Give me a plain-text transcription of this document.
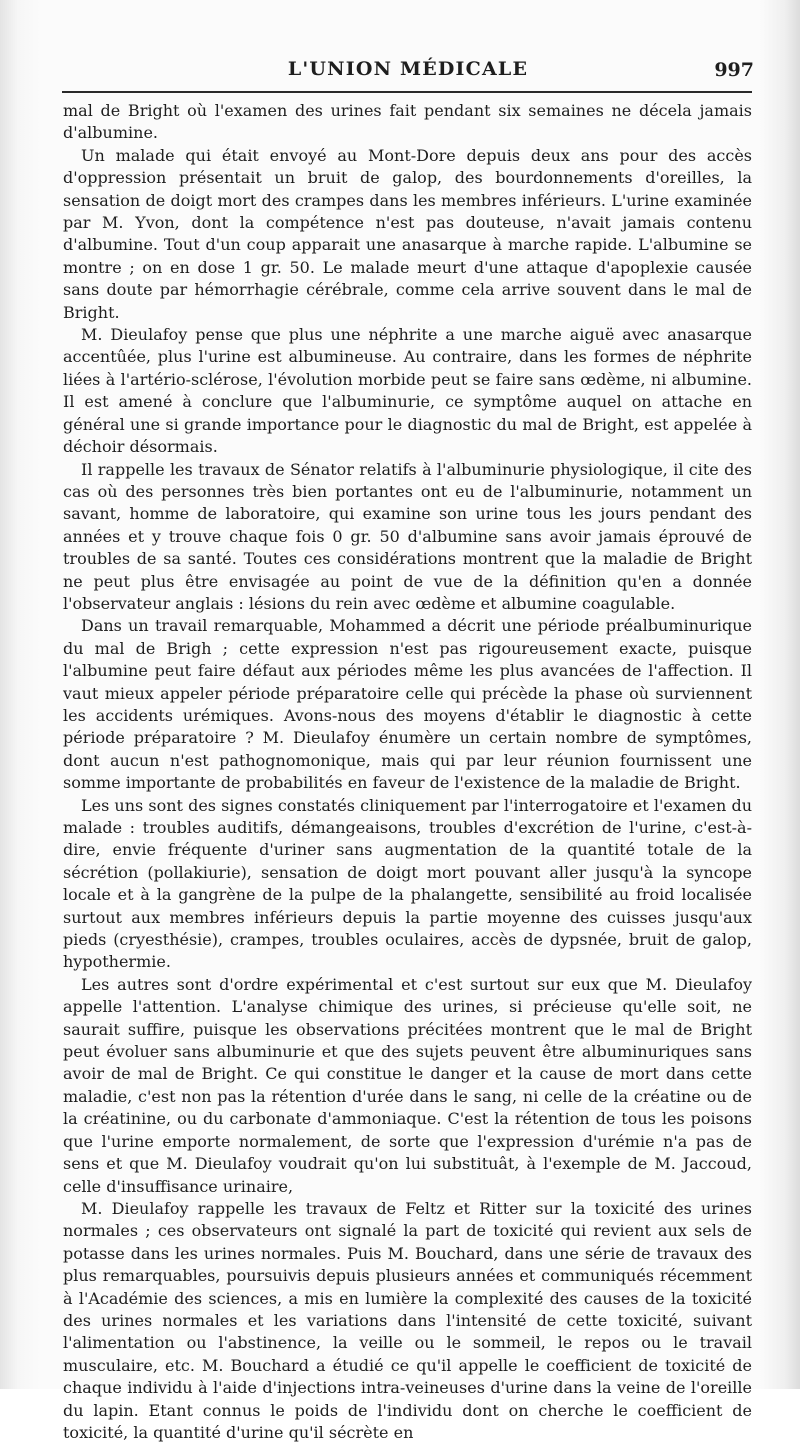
L'UNION MÉDICALE	997

mal de Bright où l'examen des urines fait pendant six semaines ne décela jamais d'albumine.

Un malade qui était envoyé au Mont-Dore depuis deux ans pour des accès d'oppression présentait un bruit de galop, des bourdonnements d'oreilles, la sensation de doigt mort des crampes dans les membres inférieurs. L'urine examinée par M. Yvon, dont la compétence n'est pas douteuse, n'avait jamais contenu d'albumine. Tout d'un coup apparait une anasarque à marche rapide. L'albumine se montre ; on en dose 1 gr. 50. Le malade meurt d'une attaque d'apoplexie causée sans doute par hémorrhagie cérébrale, comme cela arrive souvent dans le mal de Bright.

M. Dieulafoy pense que plus une néphrite a une marche aiguë avec anasarque accentûée, plus l'urine est albumineuse. Au contraire, dans les formes de néphrite liées à l'artério-sclérose, l'évolution morbide peut se faire sans œdème, ni albumine. Il est amené à conclure que l'albuminurie, ce symptôme auquel on attache en général une si grande importance pour le diagnostic du mal de Bright, est appelée à déchoir désormais.

Il rappelle les travaux de Sénator relatifs à l'albuminurie physiologique, il cite des cas où des personnes très bien portantes ont eu de l'albuminurie, notamment un savant, homme de laboratoire, qui examine son urine tous les jours pendant des années et y trouve chaque fois 0 gr. 50 d'albumine sans avoir jamais éprouvé de troubles de sa santé. Toutes ces considérations montrent que la maladie de Bright ne peut plus être envisagée au point de vue de la définition qu'en a donnée l'observateur anglais : lésions du rein avec œdème et albumine coagulable.

Dans un travail remarquable, Mohammed a décrit une période préalbuminurique du mal de Brigh ; cette expression n'est pas rigoureusement exacte, puisque l'albumine peut faire défaut aux périodes même les plus avancées de l'affection. Il vaut mieux appeler période préparatoire celle qui précède la phase où surviennent les accidents urémiques. Avons-nous des moyens d'établir le diagnostic à cette période préparatoire ? M. Dieulafoy énumère un certain nombre de symptômes, dont aucun n'est pathognomonique, mais qui par leur réunion fournissent une somme importante de probabilités en faveur de l'existence de la maladie de Bright.

Les uns sont des signes constatés cliniquement par l'interrogatoire et l'examen du malade : troubles auditifs, démangeaisons, troubles d'excrétion de l'urine, c'est-à-dire, envie fréquente d'uriner sans augmentation de la quantité totale de la sécrétion (pollakiurie), sensation de doigt mort pouvant aller jusqu'à la syncope locale et à la gangrène de la pulpe de la phalangette, sensibilité au froid localisée surtout aux membres inférieurs depuis la partie moyenne des cuisses jusqu'aux pieds (cryesthésie), crampes, troubles oculaires, accès de dypsnée, bruit de galop, hypothermie.

Les autres sont d'ordre expérimental et c'est surtout sur eux que M. Dieulafoy appelle l'attention. L'analyse chimique des urines, si précieuse qu'elle soit, ne saurait suffire, puisque les observations précitées montrent que le mal de Bright peut évoluer sans albuminurie et que des sujets peuvent être albuminuriques sans avoir de mal de Bright. Ce qui constitue le danger et la cause de mort dans cette maladie, c'est non pas la rétention d'urée dans le sang, ni celle de la créatine ou de la créatinine, ou du carbonate d'ammoniaque. C'est la rétention de tous les poisons que l'urine emporte normalement, de sorte que l'expression d'urémie n'a pas de sens et que M. Dieulafoy voudrait qu'on lui substituât, à l'exemple de M. Jaccoud, celle d'insuffisance urinaire,

M. Dieulafoy rappelle les travaux de Feltz et Ritter sur la toxicité des urines normales ; ces observateurs ont signalé la part de toxicité qui revient aux sels de potasse dans les urines normales. Puis M. Bouchard, dans une série de travaux des plus remarquables, poursuivis depuis plusieurs années et communiqués récemment à l'Académie des sciences, a mis en lumière la complexité des causes de la toxicité des urines normales et les variations dans l'intensité de cette toxicité, suivant l'alimentation ou l'abstinence, la veille ou le sommeil, le repos ou le travail musculaire, etc. M. Bouchard a étudié ce qu'il appelle le coefficient de toxicité de chaque individu à l'aide d'injections intra-veineuses d'urine dans la veine de l'oreille du lapin. Etant connus le poids de l'individu dont on cherche le coefficient de toxicité, la quantité d'urine qu'il sécrète en
